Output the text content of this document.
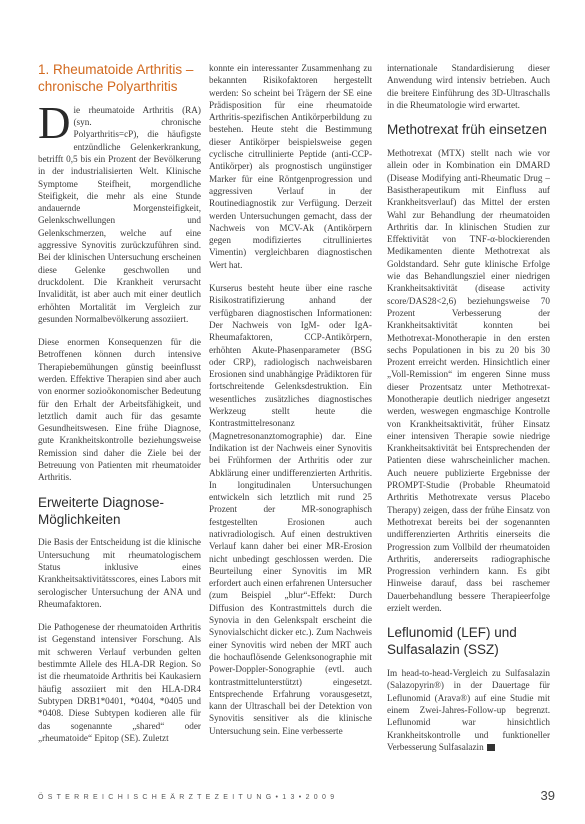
1. Rheumatoide Arthritis – chronische Polyarthritis

Die rheumatoide Arthritis (RA) (syn. chronische Polyarthritis=cP), die häufigste entzündliche Gelenkerkrankung, betrifft 0,5 bis ein Prozent der Bevölkerung in der industrialisierten Welt. Klinische Symptome Steifheit, morgendliche Steifigkeit, die mehr als eine Stunde andauernde Morgensteifigkeit, Gelenkschwellungen und Gelenkschmerzen, welche auf eine aggressive Synovitis zurückzuführen sind. Bei der klinischen Untersuchung erscheinen diese Gelenke geschwollen und druckdolent. Die Krankheit verursacht Invalidität, ist aber auch mit einer deutlich erhöhten Mortalität im Vergleich zur gesunden Normalbevölkerung assoziiert.

Diese enormen Konsequenzen für die Betroffenen können durch intensive Therapiebemühungen günstig beeinflusst werden. Effektive Therapien sind aber auch von enormer sozioökonomischer Bedeutung für den Erhalt der Arbeitsfähigkeit, und letztlich damit auch für das gesamte Gesundheitswesen. Eine frühe Diagnose, gute Krankheitskontrolle beziehungsweise Remission sind daher die Ziele bei der Betreuung von Patienten mit rheumatoider Arthritis.

Erweiterte Diagnose-Möglichkeiten

Die Basis der Entscheidung ist die klinische Untersuchung mit rheumatologischem Status inklusive eines Krankheitsaktivitätsscores, eines Labors mit serologischer Untersuchung der ANA und Rheumafaktoren.

Die Pathogenese der rheumatoiden Arthritis ist Gegenstand intensiver Forschung. Als mit schweren Verlauf verbunden gelten bestimmte Allele des HLA-DR Region. So ist die rheumatoide Arthritis bei Kaukasiern häufig assoziiert mit den HLA-DR4 Subtypen DRB1*0401, *0404, *0405 und *0408. Diese Subtypen kodieren alle für das sogenannte „shared“ oder „rheumatoide“ Epitop (SE). Zuletzt

konnte ein interessanter Zusammenhang zu bekannten Risikofaktoren hergestellt werden: So scheint bei Trägern der SE eine Prädisposition für eine rheumatoide Arthritis-spezifischen Antikörperbildung zu bestehen. Heute steht die Bestimmung dieser Antikörper beispielsweise gegen cyclische citrullinierte Peptide (anti-CCP-Antikörper) als prognostisch ungünstiger Marker für eine Röntgenprogression und aggressiven Verlauf in der Routinediagnostik zur Verfügung. Derzeit werden Untersuchungen gemacht, dass der Nachweis von MCV-Ak (Antikörpern gegen modifiziertes citrulliniertes Vimentin) vergleichbaren diagnostischen Wert hat.

Kurserus besteht heute über eine rasche Risikostratifizierung anhand der verfügbaren diagnostischen Informationen: Der Nachweis von IgM- oder IgA-Rheumafaktoren, CCP-Antikörpern, erhöhten Akute-Phasenparameter (BSG oder CRP), radiologisch nachweisbaren Erosionen sind unabhängige Prädiktoren für fortschreitende Gelenksdestruktion. Ein wesentliches zusätzliches diagnostisches Werkzeug stellt heute die Kontrastmittelresonanz (Magnetresonanztomographie) dar. Eine Indikation ist der Nachweis einer Synovitis bei Frühformen der Arthritis oder zur Abklärung einer undifferenzierten Arthritis. In longitudinalen Untersuchungen entwickeln sich letztlich mit rund 25 Prozent der MR-sonographisch festgestellten Erosionen auch nativradiologisch. Auf einen destruktiven Verlauf kann daher bei einer MR-Erosion nicht unbedingt geschlossen werden. Die Beurteilung einer Synovitis im MR erfordert auch einen erfahrenen Untersucher (zum Beispiel „blur“-Effekt: Durch Diffusion des Kontrastmittels durch die Synovia in den Gelenkspalt erscheint die Synovialschicht dicker etc.). Zum Nachweis einer Synovitis wird neben der MRT auch die hochauflösende Gelenksonographie mit Power-Doppler-Sonographie (evtl. auch kontrastmittelunterstützt) eingesetzt. Entsprechende Erfahrung vorausgesetzt, kann der Ultraschall bei der Detektion von Synovitis sensitiver als die klinische Untersuchung sein. Eine verbesserte

internationale Standardisierung dieser Anwendung wird intensiv betrieben. Auch die breitere Einführung des 3D-Ultraschalls in die Rheumatologie wird erwartet.

Methotrexat früh einsetzen

Methotrexat (MTX) stellt nach wie vor allein oder in Kombination ein DMARD (Disease Modifying anti-Rheumatic Drug – Basistherapeutikum mit Einfluss auf Krankheitsverlauf) das Mittel der ersten Wahl zur Behandlung der rheumatoiden Arthritis dar. In klinischen Studien zur Effektivität von TNF-α-blockierenden Medikamenten diente Methotrexat als Goldstandard. Sehr gute klinische Erfolge wie das Behandlungsziel einer niedrigen Krankheitsaktivität (disease activity score/DAS28<2,6) beziehungsweise 70 Prozent Verbesserung der Krankheitsaktivität konnten bei Methotrexat-Monotherapie in den ersten sechs Populationen in bis zu 20 bis 30 Prozent erreicht werden. Hinsichtlich einer „Voll-Remission“ im engeren Sinne muss dieser Prozentsatz unter Methotrexat-Monotherapie deutlich niedriger angesetzt werden, weswegen engmaschige Kontrolle von Krankheitsaktivität, früher Einsatz einer intensiven Therapie sowie niedrige Krankheitsaktivität bei Entsprechenden der Patienten diese wahrscheinlicher machen. Auch neuere publizierte Ergebnisse der PROMPT-Studie (Probable Rheumatoid Arthritis Methotrexate versus Placebo Therapy) zeigen, dass der frühe Einsatz von Methotrexat bereits bei der sogenannten undifferenzierten Arthritis einerseits die Progression zum Vollbild der rheumatoiden Arthritis, andererseits radiographische Progression verhindern kann. Es gibt Hinweise darauf, dass bei raschemer Dauerbehandlung bessere Therapieerfolge erzielt werden.

Leflunomid (LEF) und Sulfasalazin (SSZ)

Im head-to-head-Vergleich zu Sulfasalazin (Salazopyrin®) in der Dauertage für Leflunomid (Arava®) auf eine Studie mit einem Zwei-Jahres-Follow-up begrenzt. Leflunomid war hinsichtlich Krankheitskontrolle und funktioneller Verbesserung Sulfasalazin

Ö S T E R R E I C H I S C H E Ä R Z T E Z E I T U N G • 1 3 • 2 0 0 9	39
